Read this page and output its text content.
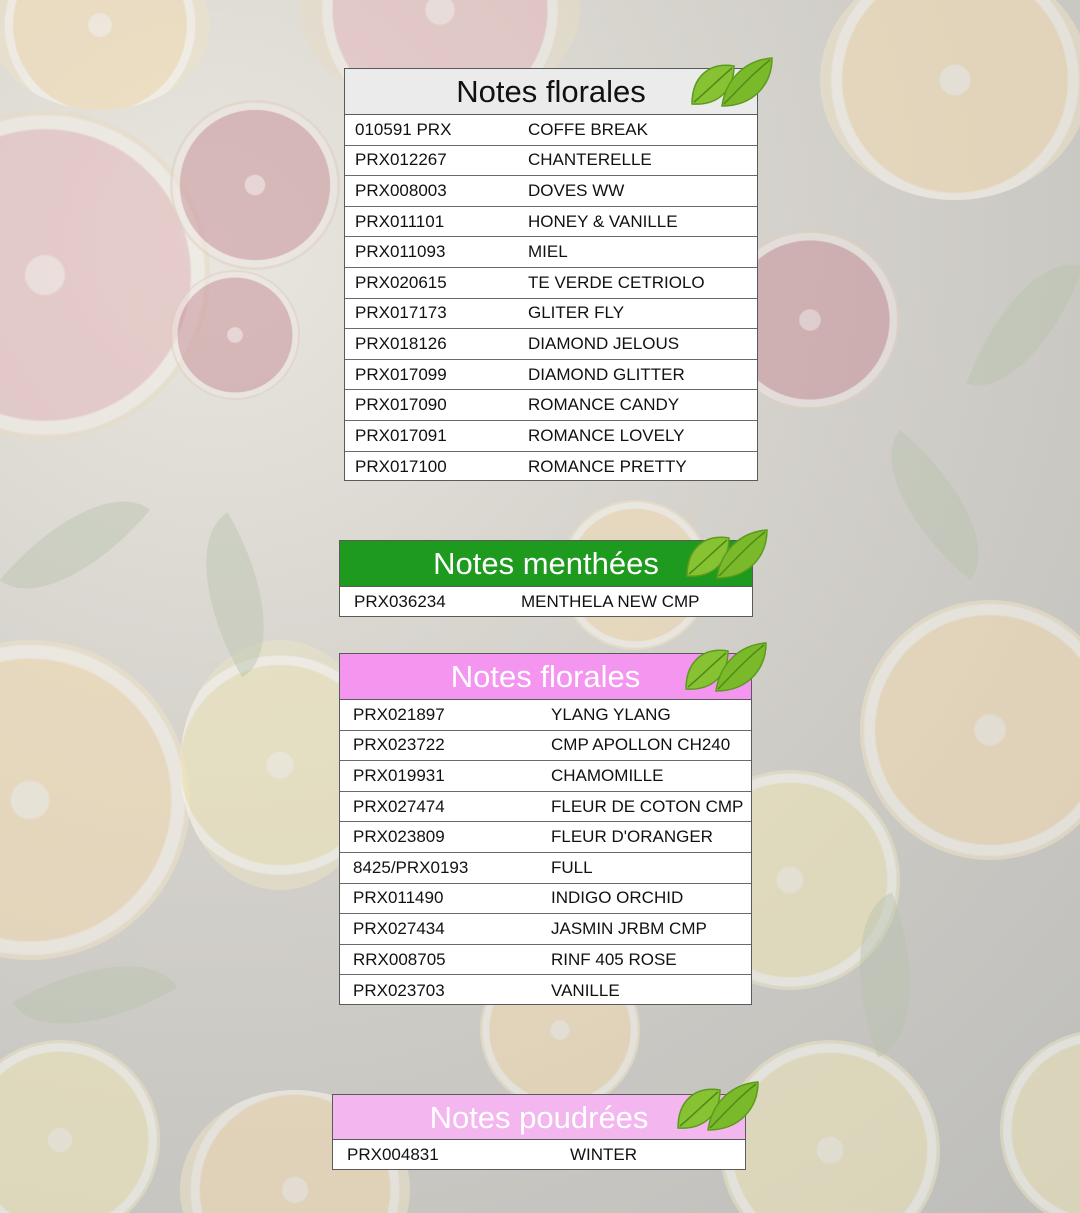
Notes florales
010591 PRX	COFFE BREAK
PRX012267	CHANTERELLE
PRX008003	DOVES WW
PRX011101	HONEY & VANILLE
PRX011093	MIEL
PRX020615	TE VERDE CETRIOLO
PRX017173	GLITER FLY
PRX018126	DIAMOND JELOUS
PRX017099	DIAMOND GLITTER
PRX017090	ROMANCE CANDY
PRX017091	ROMANCE LOVELY
PRX017100	ROMANCE PRETTY
Notes menthées
PRX036234	MENTHELA NEW CMP
Notes florales
PRX021897	YLANG YLANG
PRX023722	CMP APOLLON CH240
PRX019931	CHAMOMILLE
PRX027474	FLEUR DE COTON CMP
PRX023809	FLEUR D'ORANGER
8425/PRX0193	FULL
PRX011490	INDIGO ORCHID
PRX027434	JASMIN JRBM CMP
RRX008705	RINF 405 ROSE
PRX023703	VANILLE
Notes poudrées
PRX004831	WINTER
